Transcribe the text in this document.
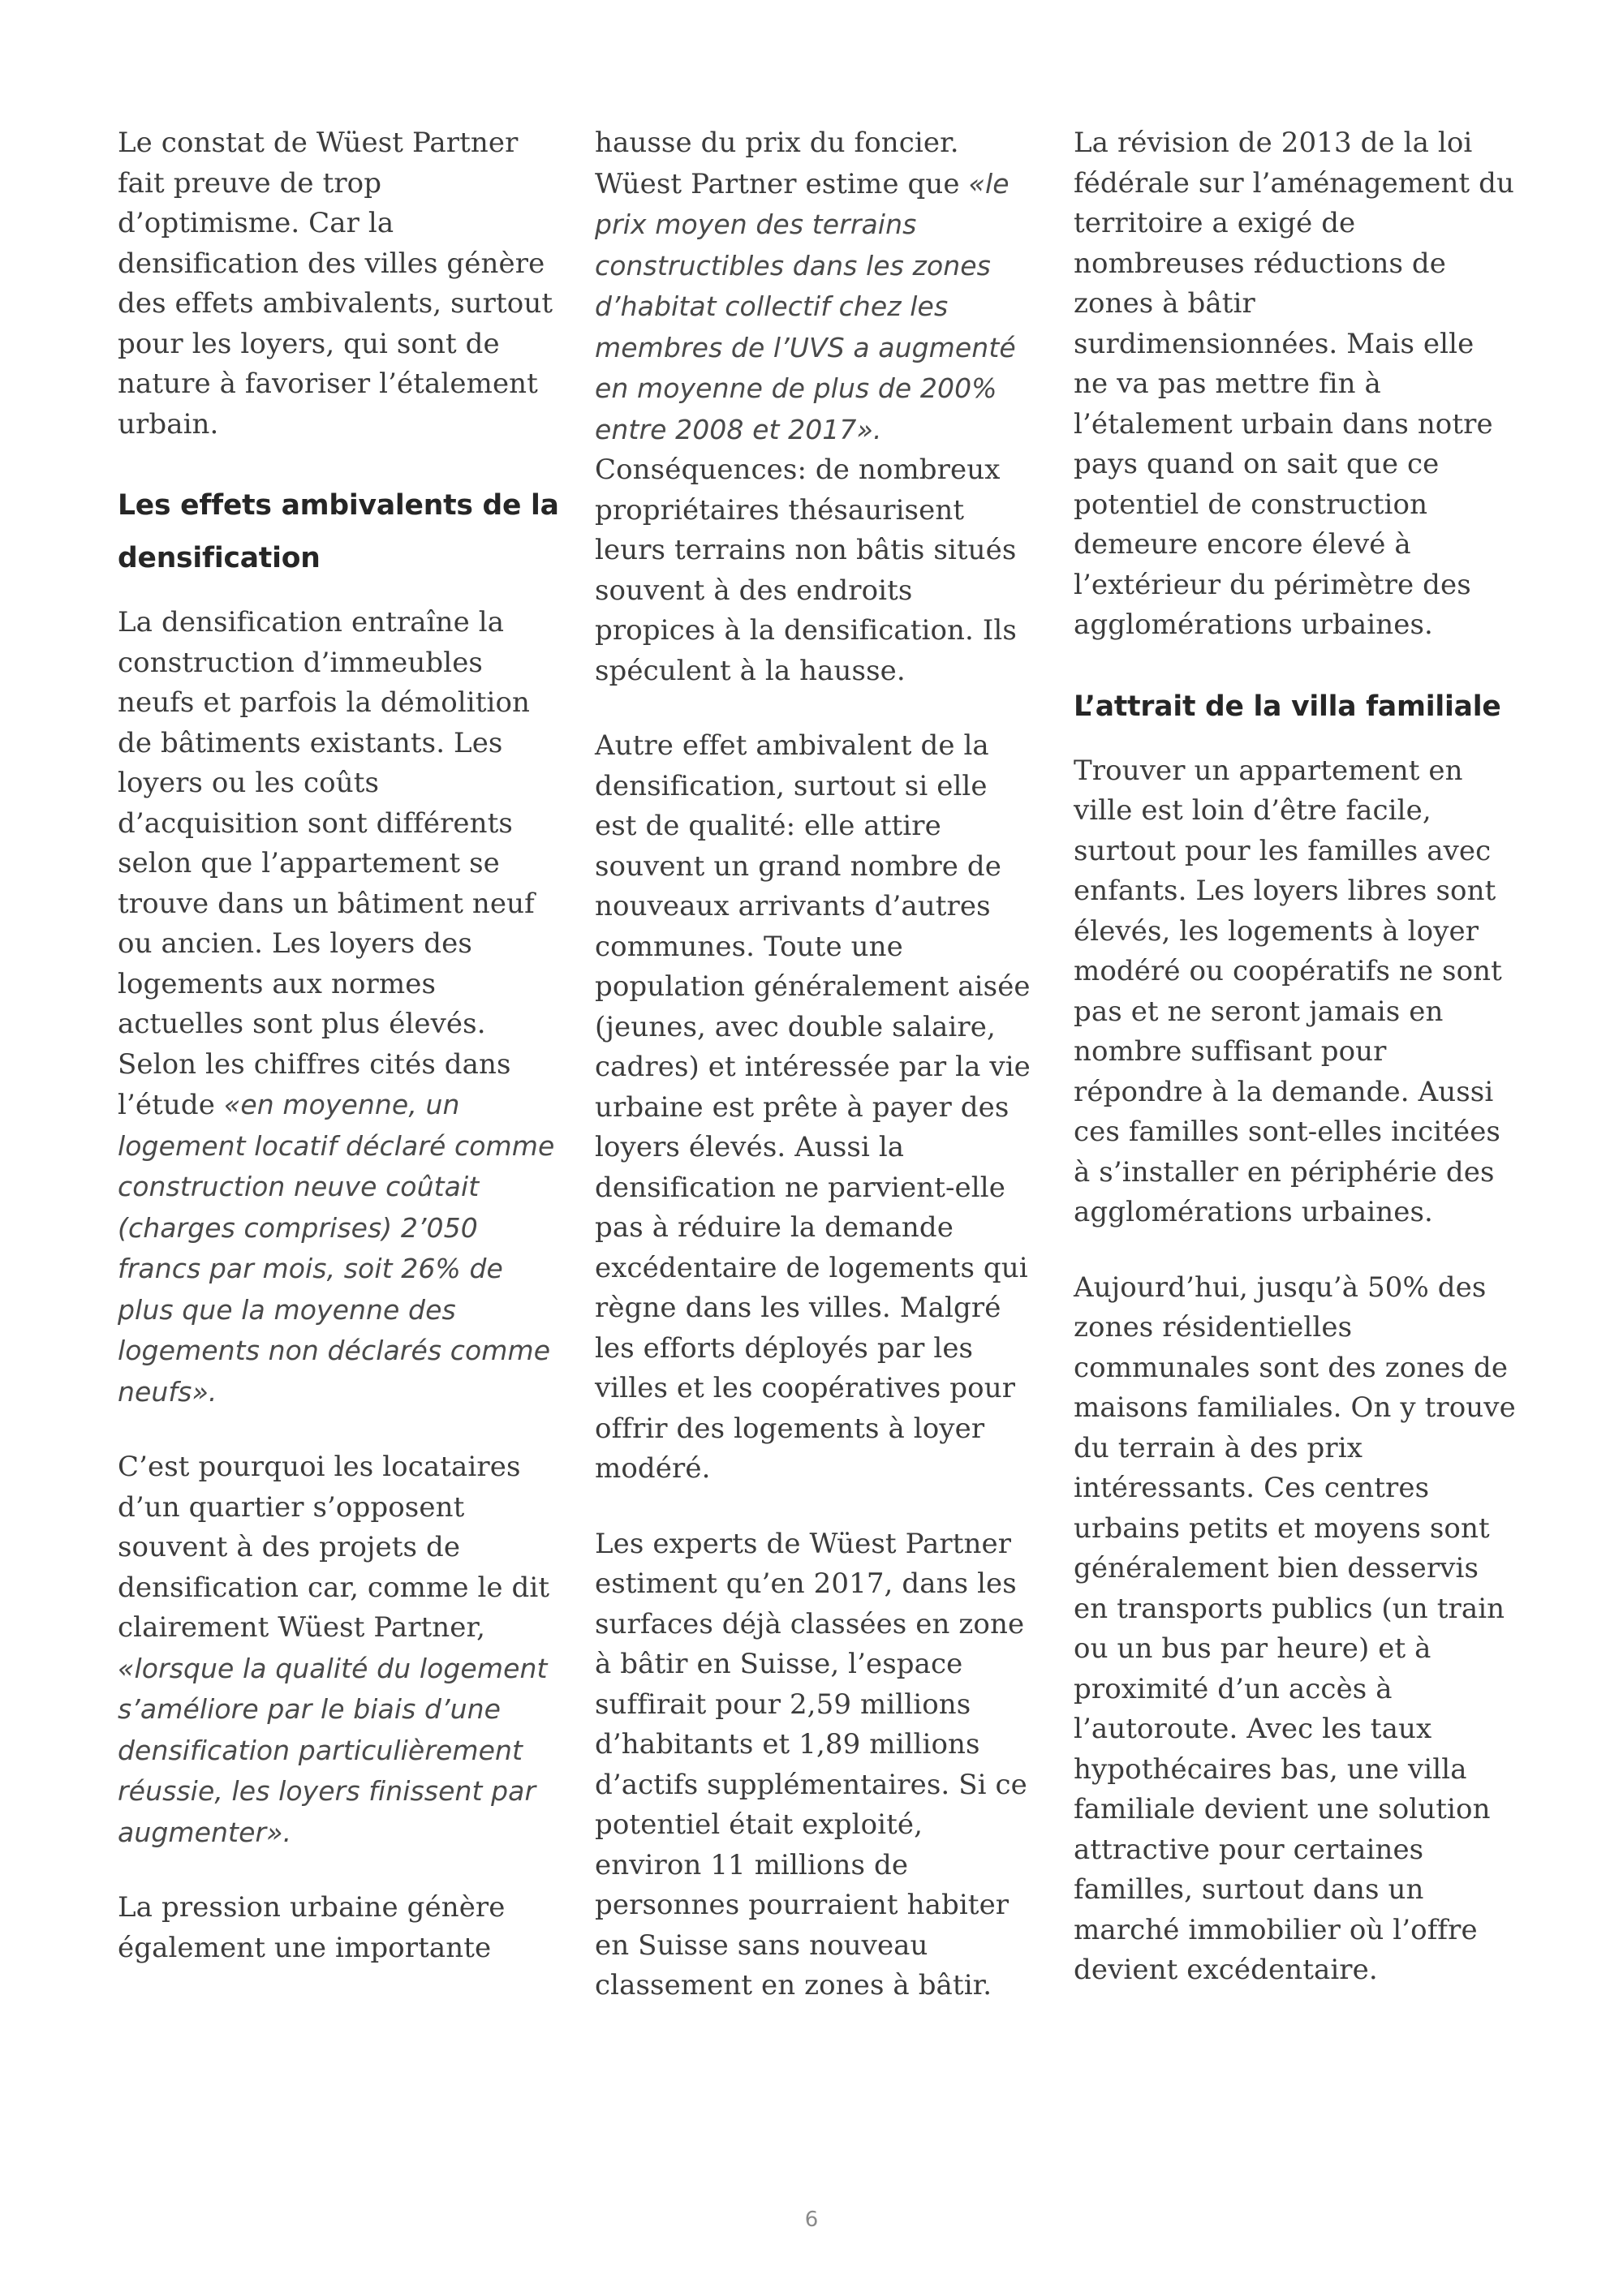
Le constat de Wüest Partner fait preuve de trop d’optimisme. Car la densification des villes génère des effets ambivalents, surtout pour les loyers, qui sont de nature à favoriser l’étalement urbain.

Les effets ambivalents de la densification

La densification entraîne la construction d’immeubles neufs et parfois la démolition de bâtiments existants. Les loyers ou les coûts d’acquisition sont différents selon que l’appartement se trouve dans un bâtiment neuf ou ancien. Les loyers des logements aux normes actuelles sont plus élevés. Selon les chiffres cités dans l’étude «en moyenne, un logement locatif déclaré comme construction neuve coûtait (charges comprises) 2’050 francs par mois, soit 26% de plus que la moyenne des logements non déclarés comme neufs».

C’est pourquoi les locataires d’un quartier s’opposent souvent à des projets de densification car, comme le dit clairement Wüest Partner, «lorsque la qualité du logement s’améliore par le biais d’une densification particulièrement réussie, les loyers finissent par augmenter».

La pression urbaine génère également une importante

hausse du prix du foncier. Wüest Partner estime que «le prix moyen des terrains constructibles dans les zones d’habitat collectif chez les membres de l’UVS a augmenté en moyenne de plus de 200% entre 2008 et 2017». Conséquences: de nombreux propriétaires thésaurisent leurs terrains non bâtis situés souvent à des endroits propices à la densification. Ils spéculent à la hausse.

Autre effet ambivalent de la densification, surtout si elle est de qualité: elle attire souvent un grand nombre de nouveaux arrivants d’autres communes. Toute une population généralement aisée (jeunes, avec double salaire, cadres) et intéressée par la vie urbaine est prête à payer des loyers élevés. Aussi la densification ne parvient-elle pas à réduire la demande excédentaire de logements qui règne dans les villes. Malgré les efforts déployés par les villes et les coopératives pour offrir des logements à loyer modéré.

Les experts de Wüest Partner estiment qu’en 2017, dans les surfaces déjà classées en zone à bâtir en Suisse, l’espace suffirait pour 2,59 millions d’habitants et 1,89 millions d’actifs supplémentaires. Si ce potentiel était exploité, environ 11 millions de personnes pourraient habiter en Suisse sans nouveau classement en zones à bâtir.

La révision de 2013 de la loi fédérale sur l’aménagement du territoire a exigé de nombreuses réductions de zones à bâtir surdimensionnées. Mais elle ne va pas mettre fin à l’étalement urbain dans notre pays quand on sait que ce potentiel de construction demeure encore élevé à l’extérieur du périmètre des agglomérations urbaines.

L’attrait de la villa familiale

Trouver un appartement en ville est loin d’être facile, surtout pour les familles avec enfants. Les loyers libres sont élevés, les logements à loyer modéré ou coopératifs ne sont pas et ne seront jamais en nombre suffisant pour répondre à la demande. Aussi ces familles sont-elles incitées à s’installer en périphérie des agglomérations urbaines.

Aujourd’hui, jusqu’à 50% des zones résidentielles communales sont des zones de maisons familiales. On y trouve du terrain à des prix intéressants. Ces centres urbains petits et moyens sont généralement bien desservis en transports publics (un train ou un bus par heure) et à proximité d’un accès à l’autoroute. Avec les taux hypothécaires bas, une villa familiale devient une solution attractive pour certaines familles, surtout dans un marché immobilier où l’offre devient excédentaire.

6
